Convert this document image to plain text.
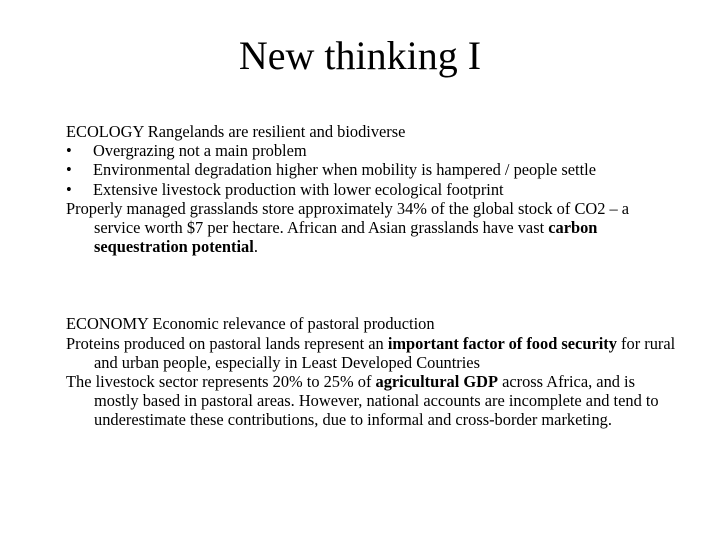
New thinking I

ECOLOGY Rangelands are resilient and biodiverse

•	Overgrazing not a main problem
•	Environmental degradation higher when mobility is hampered / people settle
•	Extensive livestock production with lower ecological footprint

Properly managed grasslands store approximately 34% of the global stock of CO2 – a service worth $7 per hectare. African and Asian grasslands have vast carbon sequestration potential.

ECONOMY Economic relevance of pastoral production

Proteins produced on pastoral lands represent an important factor of food security for rural and urban people, especially in Least Developed Countries

The livestock sector represents 20% to 25% of agricultural GDP across Africa, and is mostly based in pastoral areas. However, national accounts are incomplete and tend to underestimate these contributions, due to informal and cross-border marketing.
